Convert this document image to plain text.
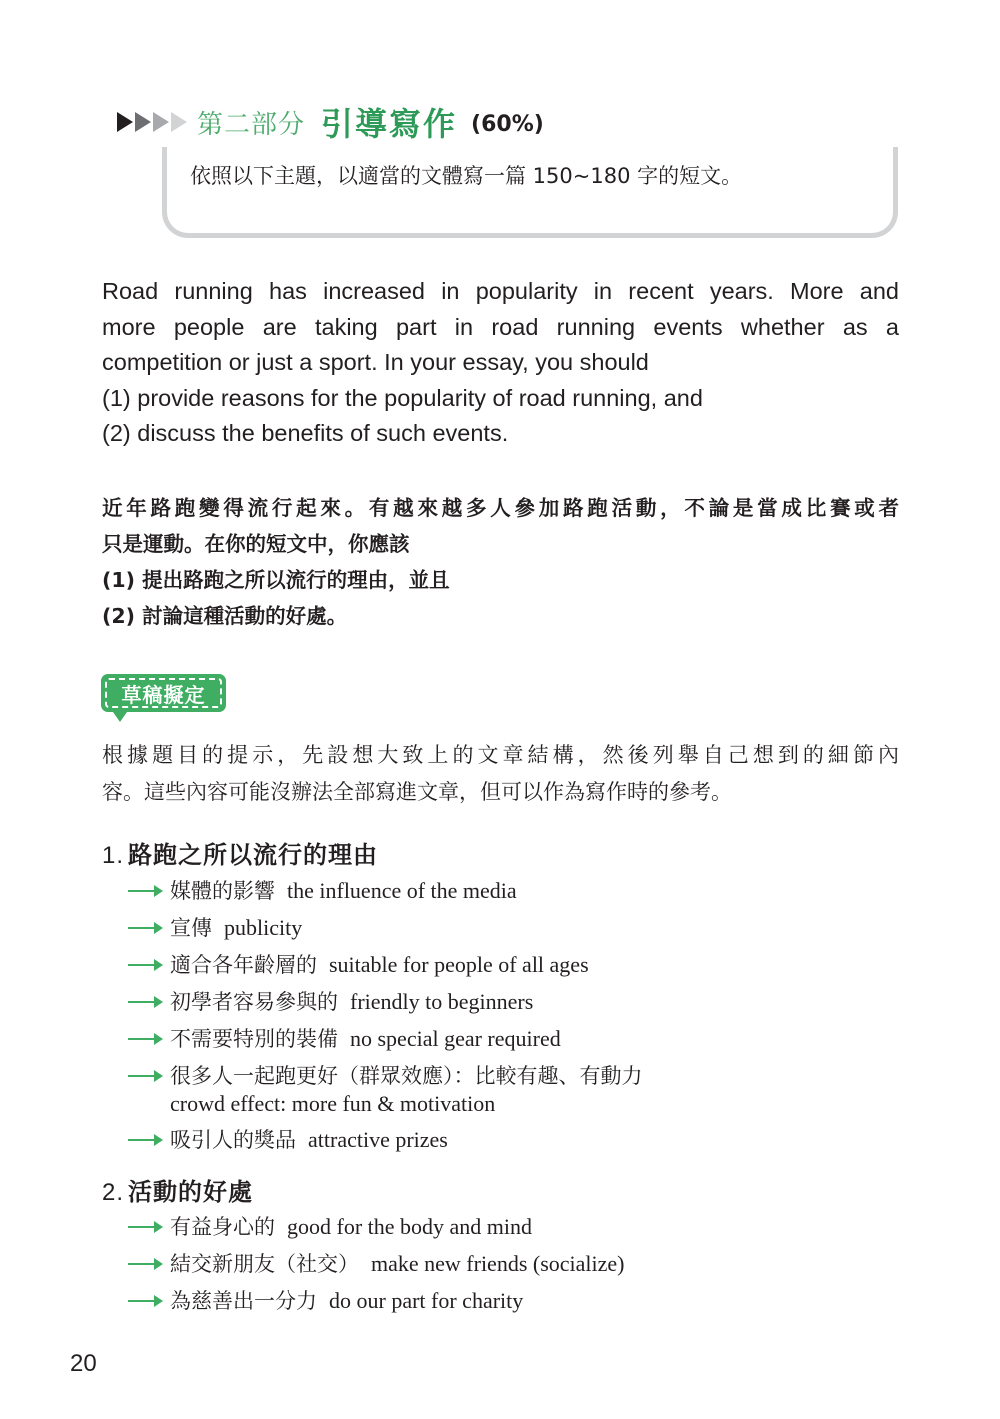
第二部分 引導寫作 (60%)
依照以下主題，以適當的文體寫一篇 150~180 字的短文。
Road running has increased in popularity in recent years. More and
more people are taking part in road running events whether as a
competition or just a sport. In your essay, you should
(1) provide reasons for the popularity of road running, and
(2) discuss the benefits of such events.
近年路跑變得流行起來。有越來越多人參加路跑活動，不論是當成比賽或者
只是運動。在你的短文中，你應該
(1) 提出路跑之所以流行的理由，並且
(2) 討論這種活動的好處。
草稿擬定
根據題目的提示，先設想大致上的文章結構，然後列舉自己想到的細節內
容。這些內容可能沒辦法全部寫進文章，但可以作為寫作時的參考。
1. 路跑之所以流行的理由
媒體的影響 the influence of the media
宣傳 publicity
適合各年齡層的 suitable for people of all ages
初學者容易參與的 friendly to beginners
不需要特別的裝備 no special gear required
很多人一起跑更好（群眾效應）：比較有趣、有動力
crowd effect: more fun & motivation
吸引人的獎品 attractive prizes
2. 活動的好處
有益身心的 good for the body and mind
結交新朋友（社交） make new friends (socialize)
為慈善出一分力 do our part for charity
20
